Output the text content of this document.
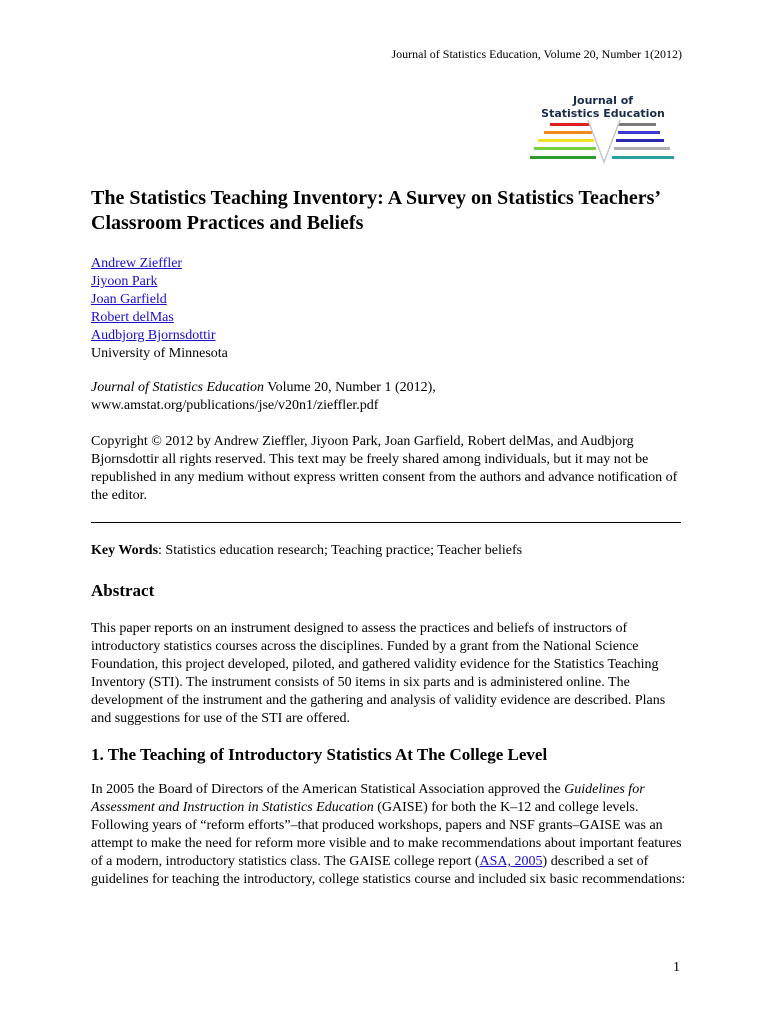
Journal of Statistics Education, Volume 20, Number 1(2012)
Journal of
Statistics Education
The Statistics Teaching Inventory: A Survey on Statistics Teachers’ Classroom Practices and Beliefs
Andrew Zieffler
Jiyoon Park
Joan Garfield
Robert delMas
Audbjorg Bjornsdottir
University of Minnesota
Journal of Statistics Education Volume 20, Number 1 (2012),
www.amstat.org/publications/jse/v20n1/zieffler.pdf

Copyright © 2012 by Andrew Zieffler, Jiyoon Park, Joan Garfield, Robert delMas, and Audbjorg Bjornsdottir all rights reserved. This text may be freely shared among individuals, but it may not be republished in any medium without express written consent from the authors and advance notification of the editor.

Key Words: Statistics education research; Teaching practice; Teacher beliefs
Abstract

This paper reports on an instrument designed to assess the practices and beliefs of instructors of introductory statistics courses across the disciplines. Funded by a grant from the National Science Foundation, this project developed, piloted, and gathered validity evidence for the Statistics Teaching Inventory (STI). The instrument consists of 50 items in six parts and is administered online. The development of the instrument and the gathering and analysis of validity evidence are described. Plans and suggestions for use of the STI are offered.

1. The Teaching of Introductory Statistics At The College Level

In 2005 the Board of Directors of the American Statistical Association approved the Guidelines for Assessment and Instruction in Statistics Education (GAISE) for both the K–12 and college levels. Following years of “reform efforts”–that produced workshops, papers and NSF grants–GAISE was an attempt to make the need for reform more visible and to make recommendations about important features of a modern, introductory statistics class. The GAISE college report (ASA, 2005) described a set of guidelines for teaching the introductory, college statistics course and included six basic recommendations:

1
